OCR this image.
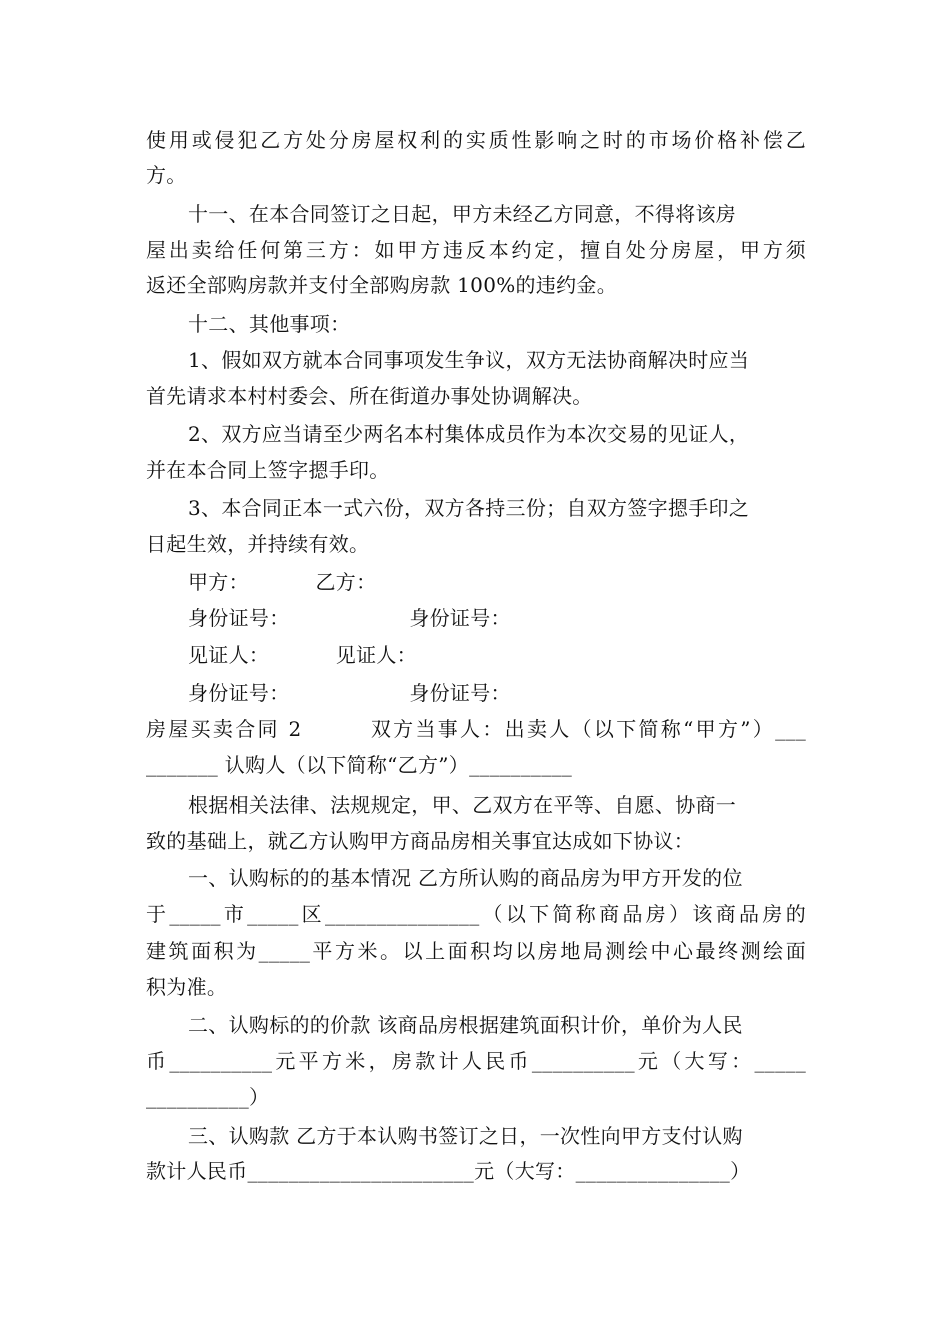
使用或侵犯乙方处分房屋权利的实质性影响之时的市场价格补偿乙
方。
十一、在本合同签订之日起，甲方未经乙方同意，不得将该房
屋出卖给任何第三方：如甲方违反本约定，擅自处分房屋，甲方须
返还全部购房款并支付全部购房款 100%的违约金。
十二、其他事项：
1、假如双方就本合同事项发生争议，双方无法协商解决时应当
首先请求本村村委会、所在街道办事处协调解决。
2、双方应当请至少两名本村集体成员作为本次交易的见证人，
并在本合同上签字摁手印。
3、本合同正本一式六份，双方各持三份；自双方签字摁手印之
日起生效，并持续有效。
甲方：          乙方：
身份证号：                  身份证号：
见证人：          见证人：
身份证号：                  身份证号：
房屋买卖合同 2        双方当事人：出卖人（以下简称“甲方”）___
_______ 认购人（以下简称“乙方”）__________
根据相关法律、法规规定，甲、乙双方在平等、自愿、协商一
致的基础上，就乙方认购甲方商品房相关事宜达成如下协议：
一、认购标的的基本情况 乙方所认购的商品房为甲方开发的位
于_____市_____区_______________（以下简称商品房）该商品房的
建筑面积为_____平方米。以上面积均以房地局测绘中心最终测绘面
积为准。
二、认购标的的价款 该商品房根据建筑面积计价，单价为人民
币__________元平方米，房款计人民币__________元（大写：_____
__________）
三、认购款 乙方于本认购书签订之日，一次性向甲方支付认购
款计人民币______________________元（大写：_______________）
